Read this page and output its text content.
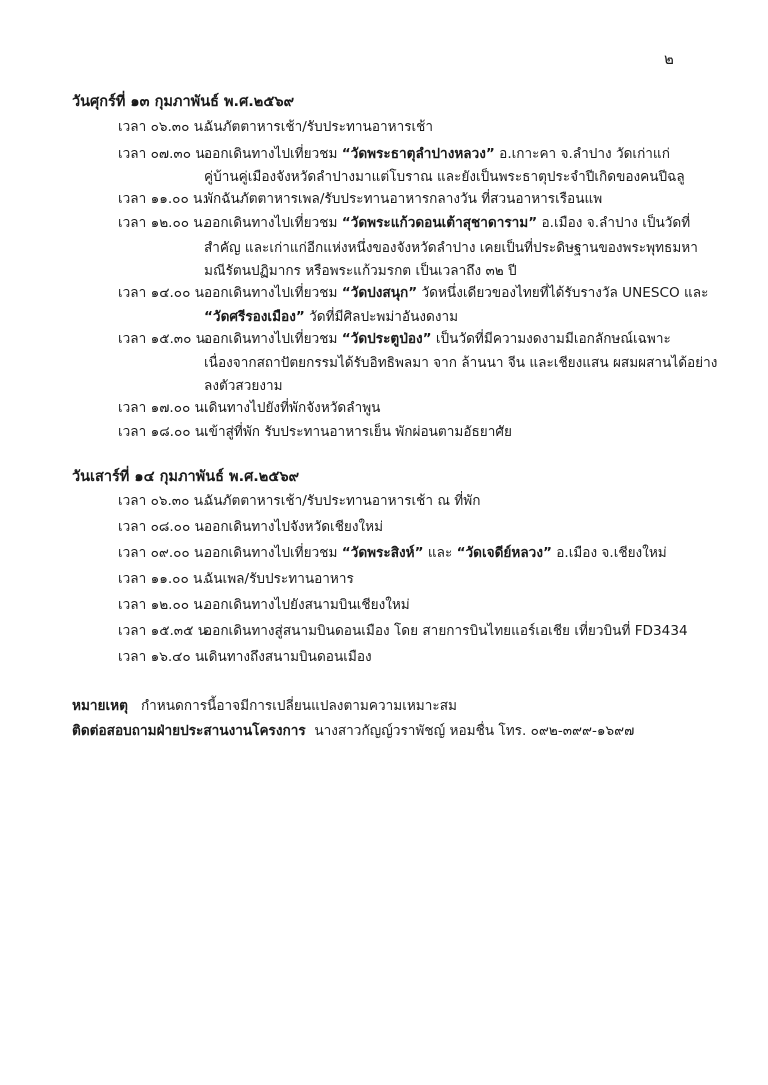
๒
วันศุกร์ที่ ๑๓ กุมภาพันธ์ พ.ศ.๒๕๖๙
เวลา ๐๖.๓๐ น.ฉันภัตตาหารเช้า/รับประทานอาหารเช้า
เวลา ๐๗.๓๐ น.ออกเดินทางไปเที่ยวชม “วัดพระธาตุลำปางหลวง” อ.เกาะคา จ.ลำปาง วัดเก่าแก่
คู่บ้านคู่เมืองจังหวัดลำปางมาแต่โบราณ และยังเป็นพระธาตุประจำปีเกิดของคนปีฉลู
เวลา ๑๑.๐๐ น.พักฉันภัตตาหารเพล/รับประทานอาหารกลางวัน ที่สวนอาหารเรือนแพ
เวลา ๑๒.๐๐ น.ออกเดินทางไปเที่ยวชม “วัดพระแก้วดอนเต้าสุชาดาราม” อ.เมือง จ.ลำปาง เป็นวัดที่
สำคัญ และเก่าแก่อีกแห่งหนึ่งของจังหวัดลำปาง เคยเป็นที่ประดิษฐานของพระพุทธมหา
มณีรัตนปฏิมากร หรือพระแก้วมรกต เป็นเวลาถึง ๓๒ ปี
เวลา ๑๔.๐๐ น.ออกเดินทางไปเที่ยวชม “วัดปงสนุก” วัดหนึ่งเดียวของไทยที่ได้รับรางวัล UNESCO และ
“วัดศรีรองเมือง” วัดที่มีศิลปะพม่าอันงดงาม
เวลา ๑๕.๓๐ น.ออกเดินทางไปเที่ยวชม “วัดประตูป่อง” เป็นวัดที่มีความงดงามมีเอกลักษณ์เฉพาะ
เนื่องจากสถาปัตยกรรมได้รับอิทธิพลมา จาก ล้านนา จีน และเชียงแสน ผสมผสานได้อย่าง
ลงตัวสวยงาม
เวลา ๑๗.๐๐ น.เดินทางไปยังที่พักจังหวัดลำพูน
เวลา ๑๘.๐๐ น.เข้าสู่ที่พัก รับประทานอาหารเย็น พักผ่อนตามอัธยาศัย
วันเสาร์ที่ ๑๔ กุมภาพันธ์ พ.ศ.๒๕๖๙
เวลา ๐๖.๓๐ น.ฉันภัตตาหารเช้า/รับประทานอาหารเช้า ณ ที่พัก
เวลา ๐๘.๐๐ น.ออกเดินทางไปจังหวัดเชียงใหม่
เวลา ๐๙.๐๐ น.ออกเดินทางไปเที่ยวชม “วัดพระสิงห์” และ “วัดเจดีย์หลวง” อ.เมือง จ.เชียงใหม่
เวลา ๑๑.๐๐ น.ฉันเพล/รับประทานอาหาร
เวลา ๑๒.๐๐ น.ออกเดินทางไปยังสนามบินเชียงใหม่
เวลา ๑๕.๓๕ น.ออกเดินทางสู่สนามบินดอนเมือง โดย สายการบินไทยแอร์เอเชีย เที่ยวบินที่ FD3434
เวลา ๑๖.๔๐ น.เดินทางถึงสนามบินดอนเมือง
หมายเหตุ กำหนดการนี้อาจมีการเปลี่ยนแปลงตามความเหมาะสม
ติดต่อสอบถามฝ่ายประสานงานโครงการ นางสาวกัญญ์วราพัชญ์ หอมชื่น โทร. ๐๙๒-๓๙๙-๑๖๙๗
